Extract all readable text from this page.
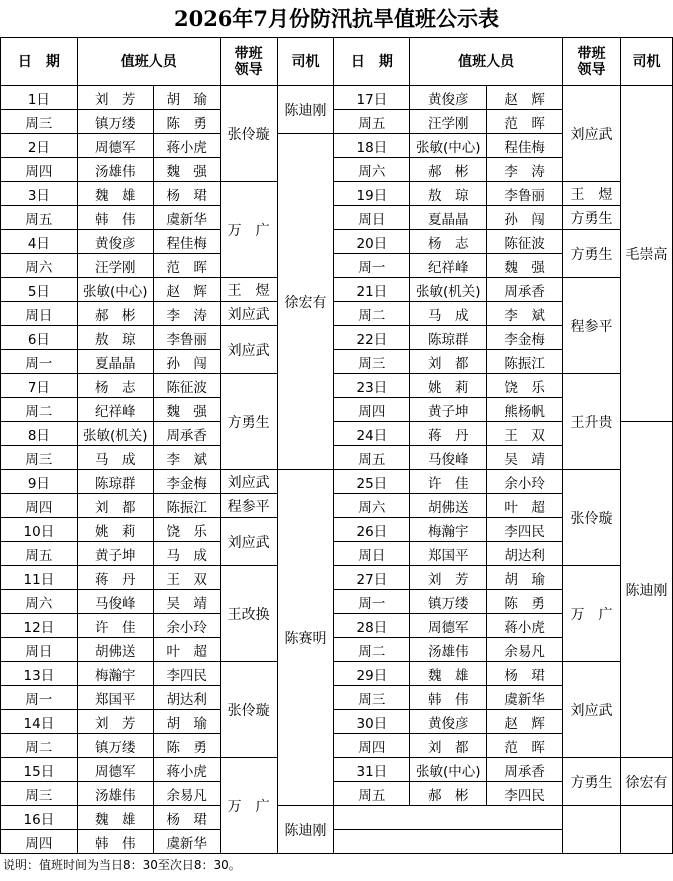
2026年7月份防汛抗旱值班公示表
日　期	值班人员		带班领导	司机	日　期	值班人员		带班领导	司机
1日	刘　芳	胡　瑜	张伶璇	陈迪刚	17日	黄俊彦	赵　辉	刘应武	毛崇高
周三	镇万缕	陈　勇			周五	汪学刚	范　晖		
2日	周德军	蒋小虎		徐宏有	18日	张敏(中心)	程佳梅		
周四	汤雄伟	魏　强			周六	郝　彬	李　涛		
3日	魏　雄	杨　珺	万　广		19日	敖　琼	李鲁丽	王　煜	
周五	韩　伟	虞新华			周日	夏晶晶	孙　闯	方勇生	
4日	黄俊彦	程佳梅			20日	杨　志	陈征波	方勇生	
周六	汪学刚	范　晖			周一	纪祥峰	魏　强		
5日	张敏(中心)	赵　辉	王　煜		21日	张敏(机关)	周承香	程参平	
周日	郝　彬	李　涛	刘应武		周二	马　成	李　斌		
6日	敖　琼	李鲁丽	刘应武		22日	陈琼群	李金梅		
周一	夏晶晶	孙　闯			周三	刘　都	陈振江		
7日	杨　志	陈征波	方勇生		23日	姚　莉	饶　乐	王升贵	
周二	纪祥峰	魏　强			周四	黄子坤	熊杨帆		
8日	张敏(机关)	周承香			24日	蒋　丹	王　双		陈迪刚
周三	马　成	李　斌			周五	马俊峰	吴　靖		
9日	陈琼群	李金梅	刘应武	陈赛明	25日	许　佳	余小玲	张伶璇	
周四	刘　都	陈振江	程参平		周六	胡佛送	叶　超		
10日	姚　莉	饶　乐	刘应武		26日	梅瀚宇	李四民		
周五	黄子坤	马　成			周日	郑国平	胡达利		
11日	蒋　丹	王　双	王改换		27日	刘　芳	胡　瑜	万　广	
周六	马俊峰	吴　靖			周一	镇万缕	陈　勇		
12日	许　佳	余小玲			28日	周德军	蒋小虎		
周日	胡佛送	叶　超			周二	汤雄伟	余易凡		
13日	梅瀚宇	李四民	张伶璇		29日	魏　雄	杨　珺	刘应武	
周一	郑国平	胡达利			周三	韩　伟	虞新华		
14日	刘　芳	胡　瑜			30日	黄俊彦	赵　辉		
周二	镇万缕	陈　勇			周四	刘　都	范　晖		
15日	周德军	蒋小虎	万　广		31日	张敏(中心)	周承香	方勇生	徐宏有
周三	汤雄伟	余易凡			周五	郝　彬	李四民		
16日	魏　雄	杨　珺		陈迪刚					
周四	韩　伟	虞新华							
说明：值班时间为当日8：30至次日8：30。
